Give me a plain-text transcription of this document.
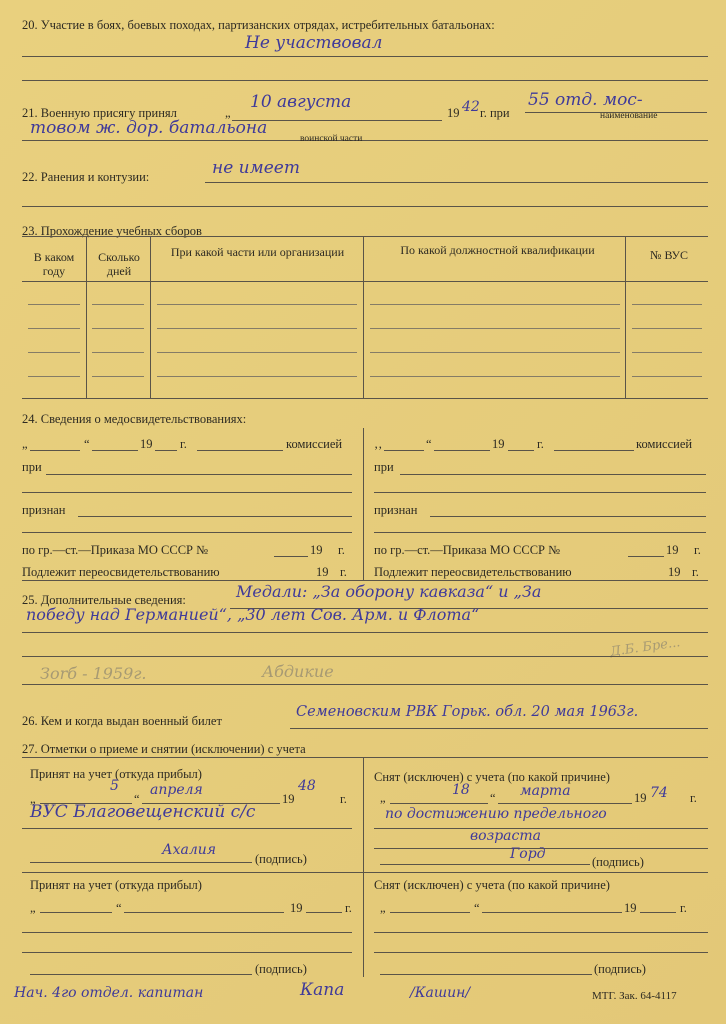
20. Участие в боях, боевых походах, партизанских отрядах, истребительных батальонах:
Не участвовал
21. Военную присягу принял	„
10 августа
19 42 г. при
55 отд. мос-
наименование
товом ж. дор. батальона
воинской части
22. Ранения и контузии:	не имеет
23. Прохождение учебных сборов
В каком году
Сколько дней
При какой части или организации	По какой должностной квалификации	№ ВУС
24. Сведения о медосвидетельствованиях:
„	“	19 г.	комиссией
при
признан
по гр.—ст.—Приказа МО СССР №	19 г.
Подлежит переосвидетельствованию	19 г.
‚‚	“	19	г.	комиссией
при
признан
по гр.—ст.—Приказа МО СССР №	19 г.
Подлежит переосвидетельствованию	19 г.
25. Дополнительные сведения:	Медали: „За оборону кавказа“ и „За
победу над Германией“, „30 лет Сов. Арм. и Флота“
Д.Б. Бре...
Зоrб - 1959г.	Абдикие
26. Кем и когда выдан военный билет
Семеновским РВК Горьк. обл. 20 мая 1963г.
27. Отметки о приеме и снятии (исключении) с учета
Принят на учет (откуда прибыл)
„
5
“
апреля
19
48
г.
ВУС Благовещенский с/с
Ахалия
(подпись)
Снят (исключен) с учета (по какой причине)
„	18 “ марта	19 74 г.
по достижению предельного
возраста
Горд	(подпись)
Принят на учет (откуда прибыл)
„	“	19	г.
(подпись)
Снят (исключен) с учета (по какой причине)
„	“	19	г.
(подпись)
Нач. 4го отдел. капитан	Капа	/Кашин/	МТГ. Зак. 64-4117
